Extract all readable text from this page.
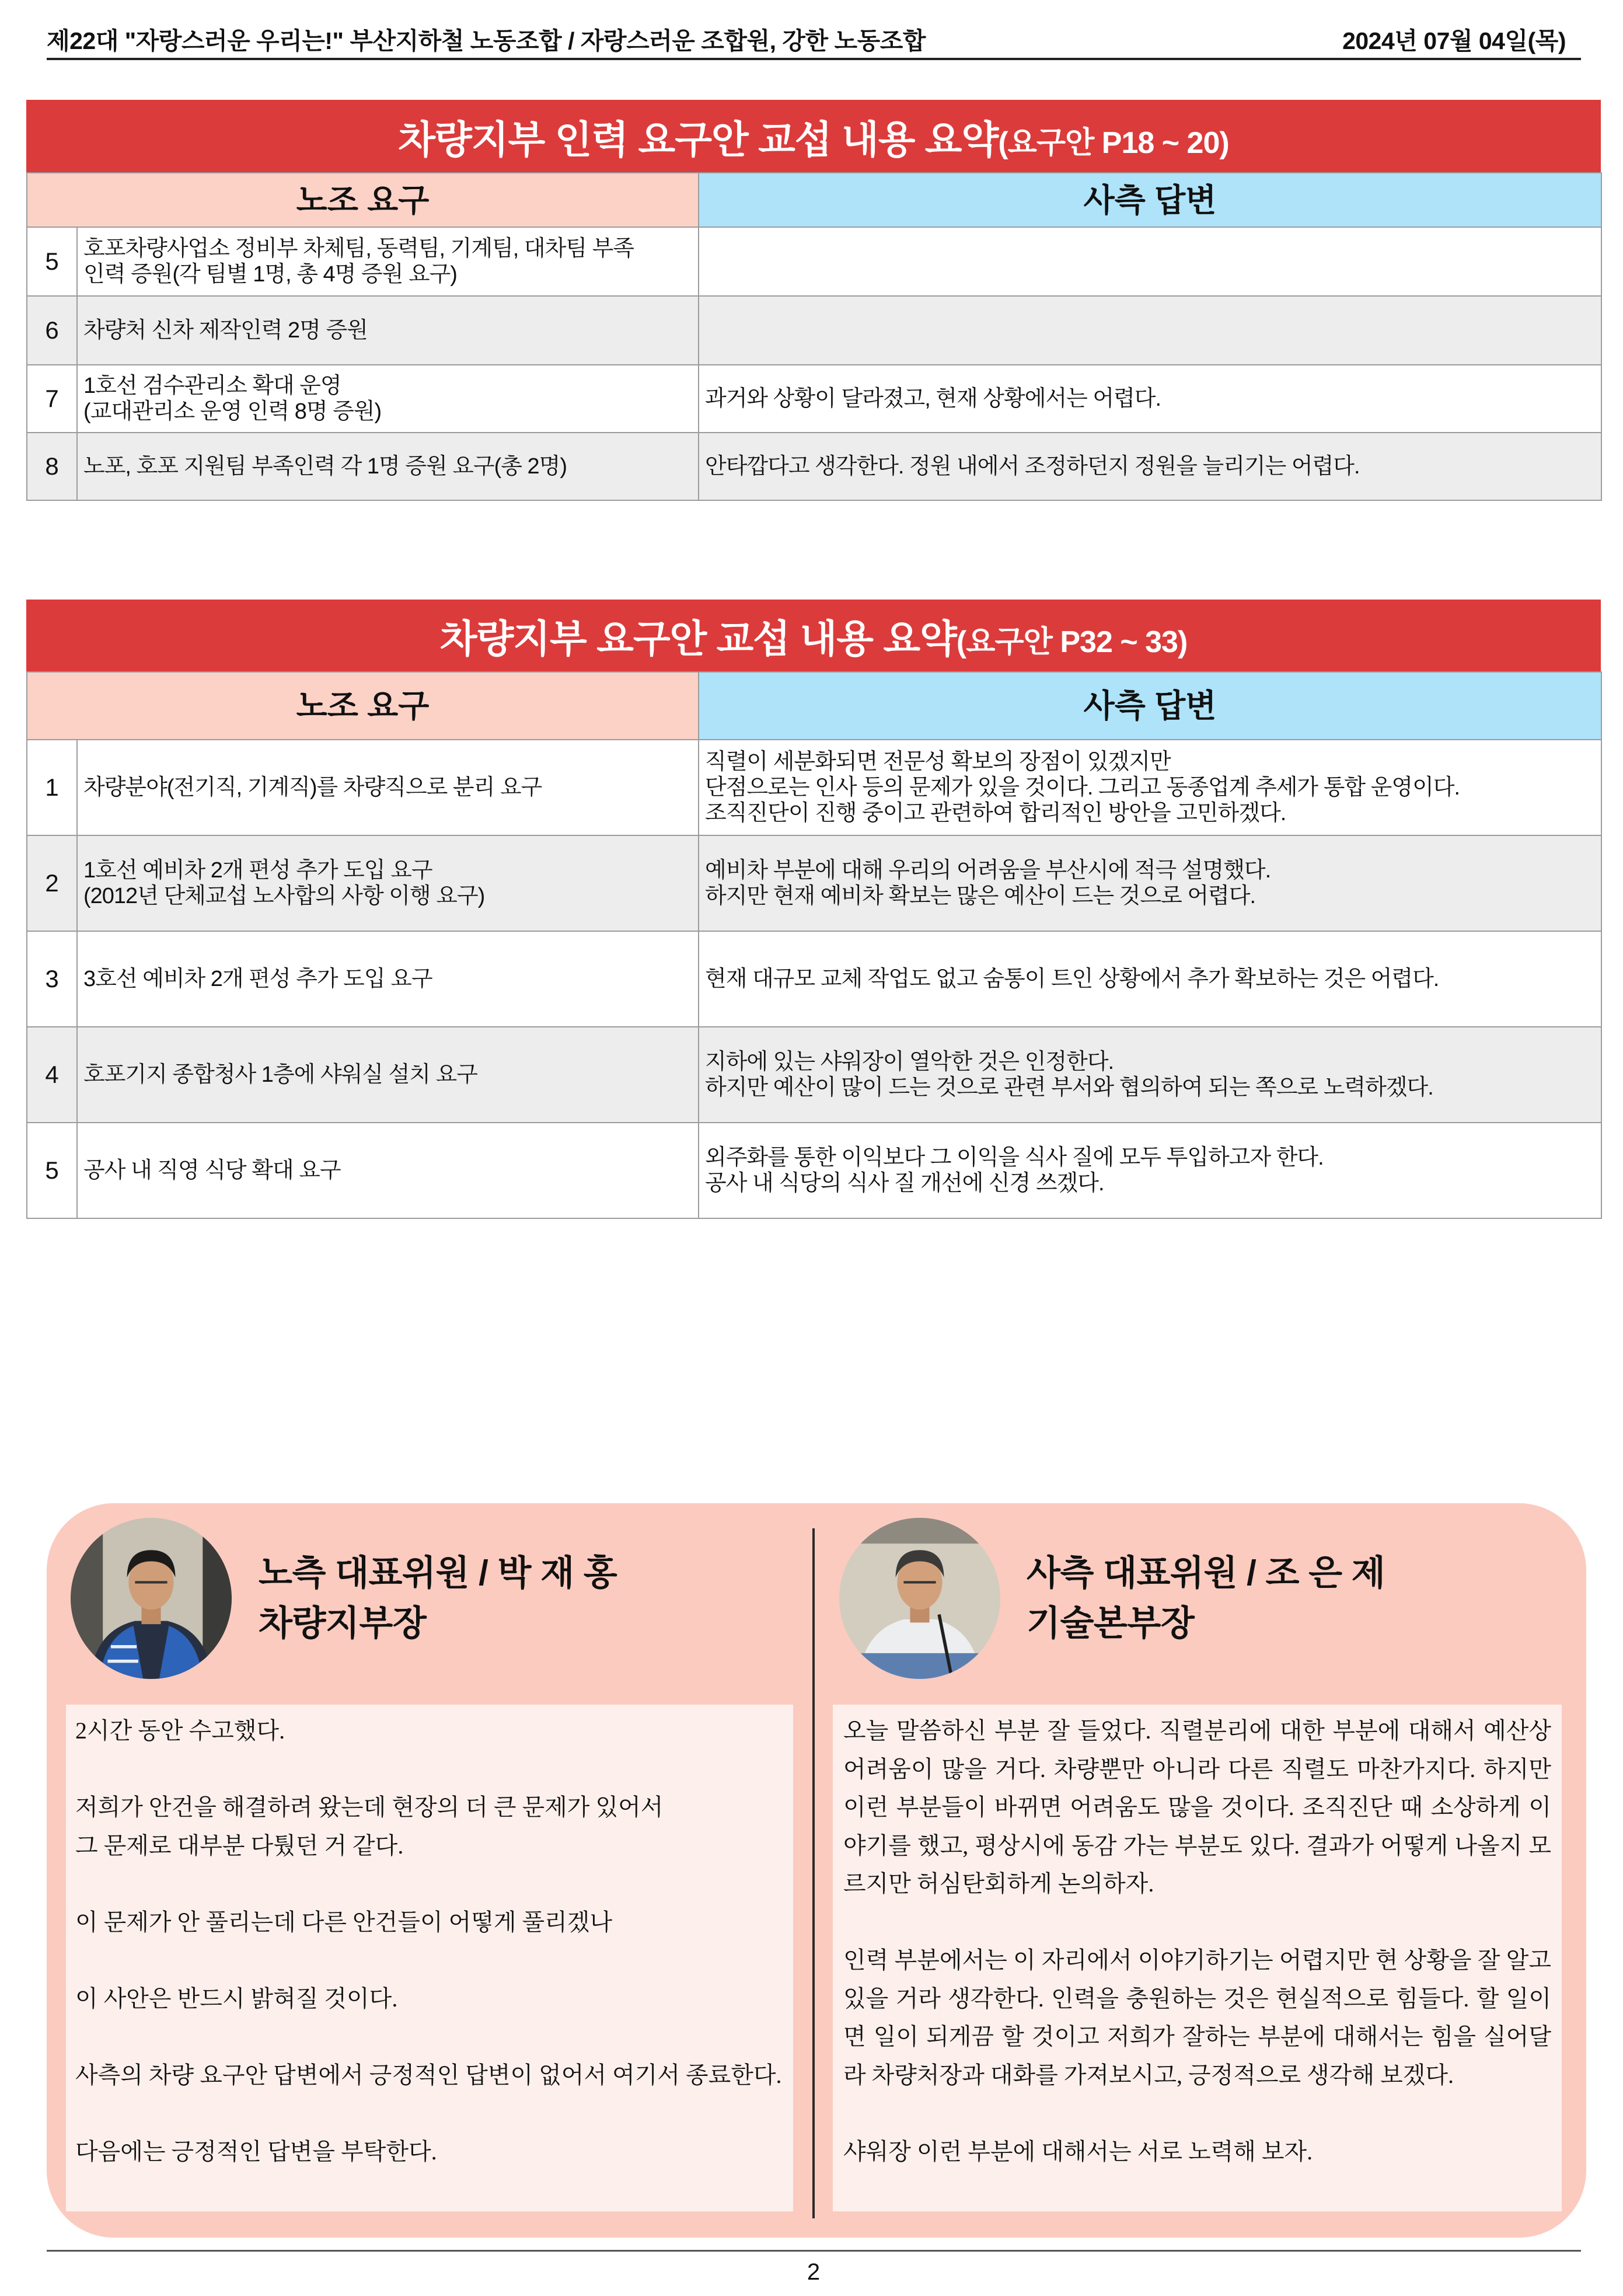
제22대 "자랑스러운 우리는!" 부산지하철 노동조합 / 자랑스러운 조합원, 강한 노동조합	2024년 07월 04일(목)
차량지부 인력 요구안 교섭 내용 요약(요구안 P18 ~ 20)
노조 요구		사측 답변
5	호포차량사업소 정비부 차체팀, 동력팀, 기계팀, 대차팀 부족
인력 증원(각 팀별 1명, 총 4명 증원 요구)	
6	차량처 신차 제작인력 2명 증원	
7	1호선 검수관리소 확대 운영
(교대관리소 운영 인력 8명 증원)	과거와 상황이 달라졌고, 현재 상황에서는 어렵다.
8	노포, 호포 지원팀 부족인력 각 1명 증원 요구(총 2명)	안타깝다고 생각한다. 정원 내에서 조정하던지 정원을 늘리기는 어렵다.
차량지부 요구안 교섭 내용 요약(요구안 P32 ~ 33)
노조 요구		사측 답변
1	차량분야(전기직, 기계직)를 차량직으로 분리 요구	직렬이 세분화되면 전문성 확보의 장점이 있겠지만
단점으로는 인사 등의 문제가 있을 것이다. 그리고 동종업계 추세가 통합 운영이다.
조직진단이 진행 중이고 관련하여 합리적인 방안을 고민하겠다.
2	1호선 예비차 2개 편성 추가 도입 요구
(2012년 단체교섭 노사합의 사항 이행 요구)	예비차 부분에 대해 우리의 어려움을 부산시에 적극 설명했다.
하지만 현재 예비차 확보는 많은 예산이 드는 것으로 어렵다.
3	3호선 예비차 2개 편성 추가 도입 요구	현재 대규모 교체 작업도 없고 숨통이 트인 상황에서 추가 확보하는 것은 어렵다.
4	호포기지 종합청사 1층에 샤워실 설치 요구	지하에 있는 샤워장이 열악한 것은 인정한다.
하지만 예산이 많이 드는 것으로 관련 부서와 협의하여 되는 쪽으로 노력하겠다.
5	공사 내 직영 식당 확대 요구	외주화를 통한 이익보다 그 이익을 식사 질에 모두 투입하고자 한다.
공사 내 식당의 식사 질 개선에 신경 쓰겠다.
노측 대표위원 / 박 재 홍
차량지부장
사측 대표위원 / 조 은 제
기술본부장

2시간 동안 수고했다.

저희가 안건을 해결하려 왔는데 현장의 더 큰 문제가 있어서
그 문제로 대부분 다퉜던 거 같다.

이 문제가 안 풀리는데 다른 안건들이 어떻게 풀리겠나

이 사안은 반드시 밝혀질 것이다.

사측의 차량 요구안 답변에서 긍정적인 답변이 없어서 여기서 종료한다.

다음에는 긍정적인 답변을 부탁한다.

오늘 말씀하신 부분 잘 들었다. 직렬분리에 대한 부분에 대해서 예산상 어려움이 많을 거다. 차량뿐만 아니라 다른 직렬도 마찬가지다. 하지만 이런 부분들이 바뀌면 어려움도 많을 것이다. 조직진단 때 소상하게 이야기를 했고, 평상시에 동감 가는 부분도 있다. 결과가 어떻게 나올지 모르지만 허심탄회하게 논의하자.

인력 부분에서는 이 자리에서 이야기하기는 어렵지만 현 상황을 잘 알고 있을 거라 생각한다. 인력을 충원하는 것은 현실적으로 힘들다. 할 일이면 일이 되게끔 할 것이고 저희가 잘하는 부분에 대해서는 힘을 실어달라 차량처장과 대화를 가져보시고, 긍정적으로 생각해 보겠다.

샤워장 이런 부분에 대해서는 서로 노력해 보자.

2
